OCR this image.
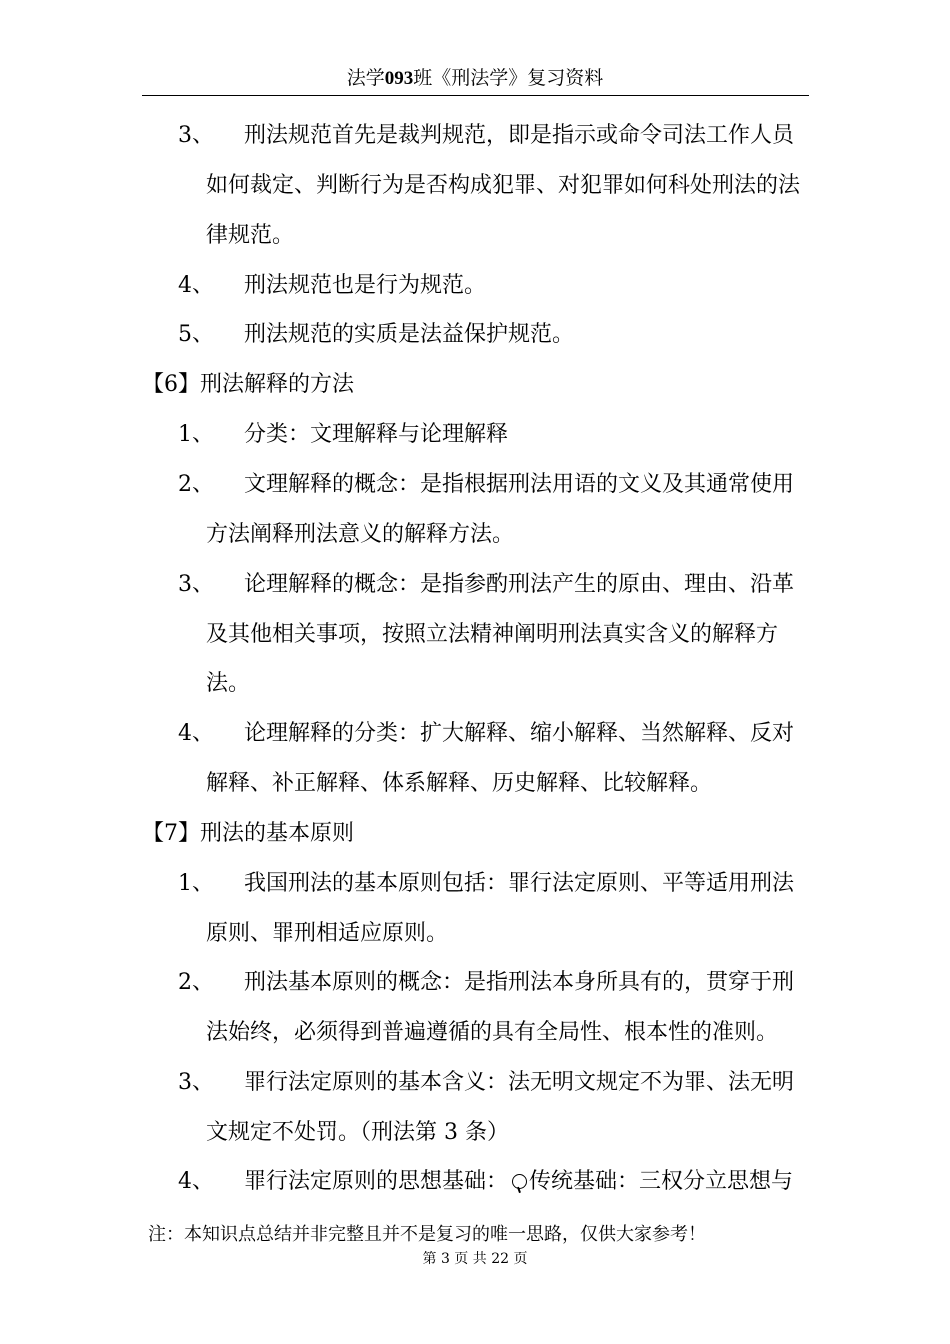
法学093班《刑法学》复习资料
3、 刑法规范首先是裁判规范，即是指示或命令司法工作人员
如何裁定、判断行为是否构成犯罪、对犯罪如何科处刑法的法
律规范。
4、 刑法规范也是行为规范。
5、 刑法规范的实质是法益保护规范。
【6】刑法解释的方法
1、 分类：文理解释与论理解释
2、 文理解释的概念：是指根据刑法用语的文义及其通常使用
方法阐释刑法意义的解释方法。
3、 论理解释的概念：是指参酌刑法产生的原由、理由、沿革
及其他相关事项，按照立法精神阐明刑法真实含义的解释方
法。
4、 论理解释的分类：扩大解释、缩小解释、当然解释、反对
解释、补正解释、体系解释、历史解释、比较解释。
【7】刑法的基本原则
1、 我国刑法的基本原则包括：罪行法定原则、平等适用刑法
原则、罪刑相适应原则。
2、 刑法基本原则的概念：是指刑法本身所具有的，贯穿于刑
法始终，必须得到普遍遵循的具有全局性、根本性的准则。
3、 罪行法定原则的基本含义：法无明文规定不为罪、法无明
文规定不处罚。（刑法第 3 条）
4、 罪行法定原则的思想基础： 传统基础：三权分立思想与
注：本知识点总结并非完整且并不是复习的唯一思路，仅供大家参考！
第 3 页 共 22 页
